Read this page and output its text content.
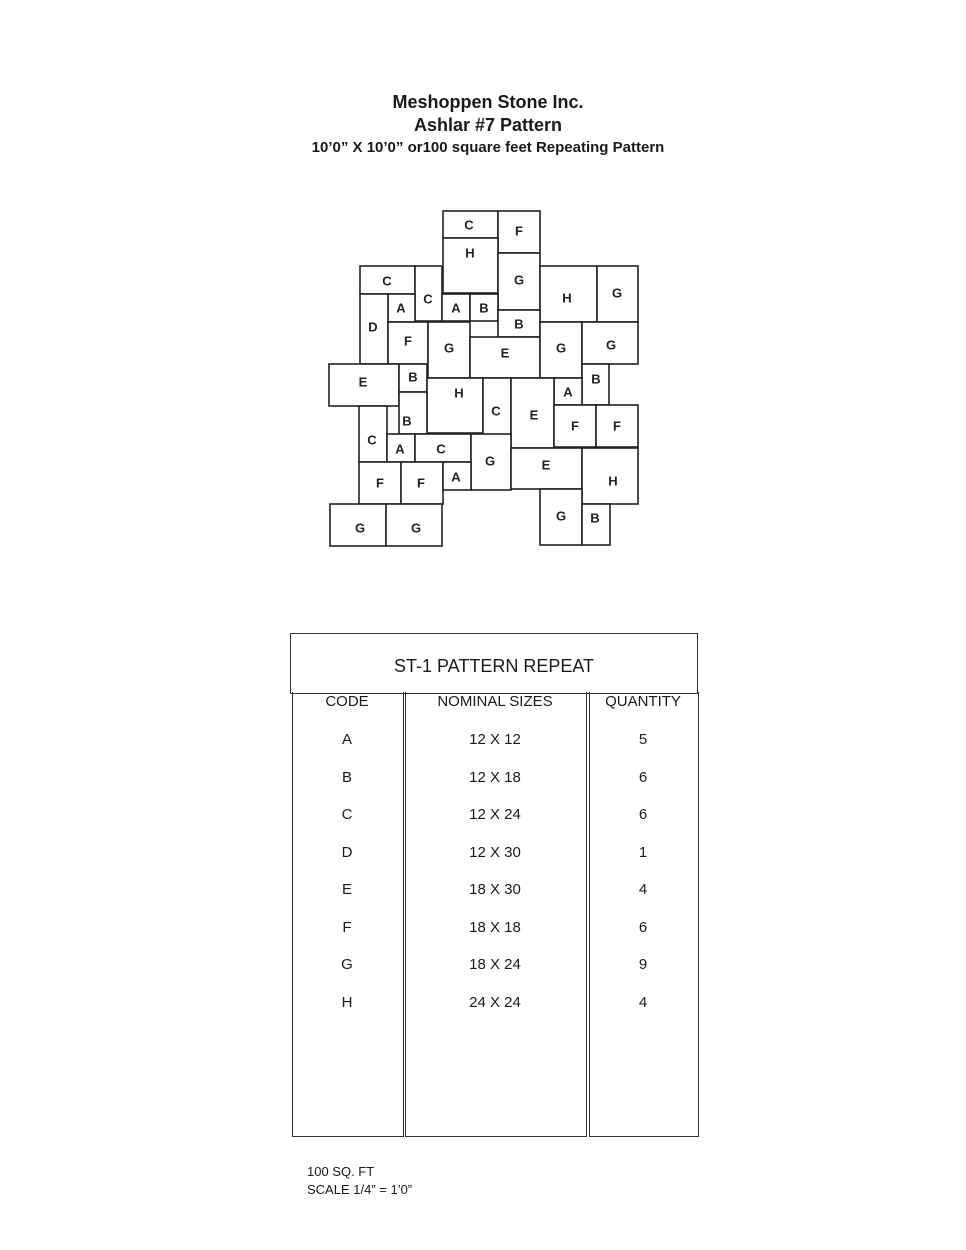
Meshoppen Stone Inc.
Ashlar #7 Pattern
10’0” X 10’0” or100 square feet Repeating Pattern
C	F
H
G
C
C
A	A B
H	G
D	B
F G	E	G	G
E	B
H
B
A
C E
B	F	F
C
A C
G	E
F	F A	H
G	G
G B
ST-1 PATTERN REPEAT
CODE	NOMINAL SIZES	QUANTITY
A	12 X 12	5
B	12 X 18	6
C	12 X 24	6
D	12 X 30	1
E	18 X 30	4
F	18 X 18	6
G	18 X 24	9
H	24 X 24	4
100 SQ. FT
SCALE 1/4” = 1’0”
